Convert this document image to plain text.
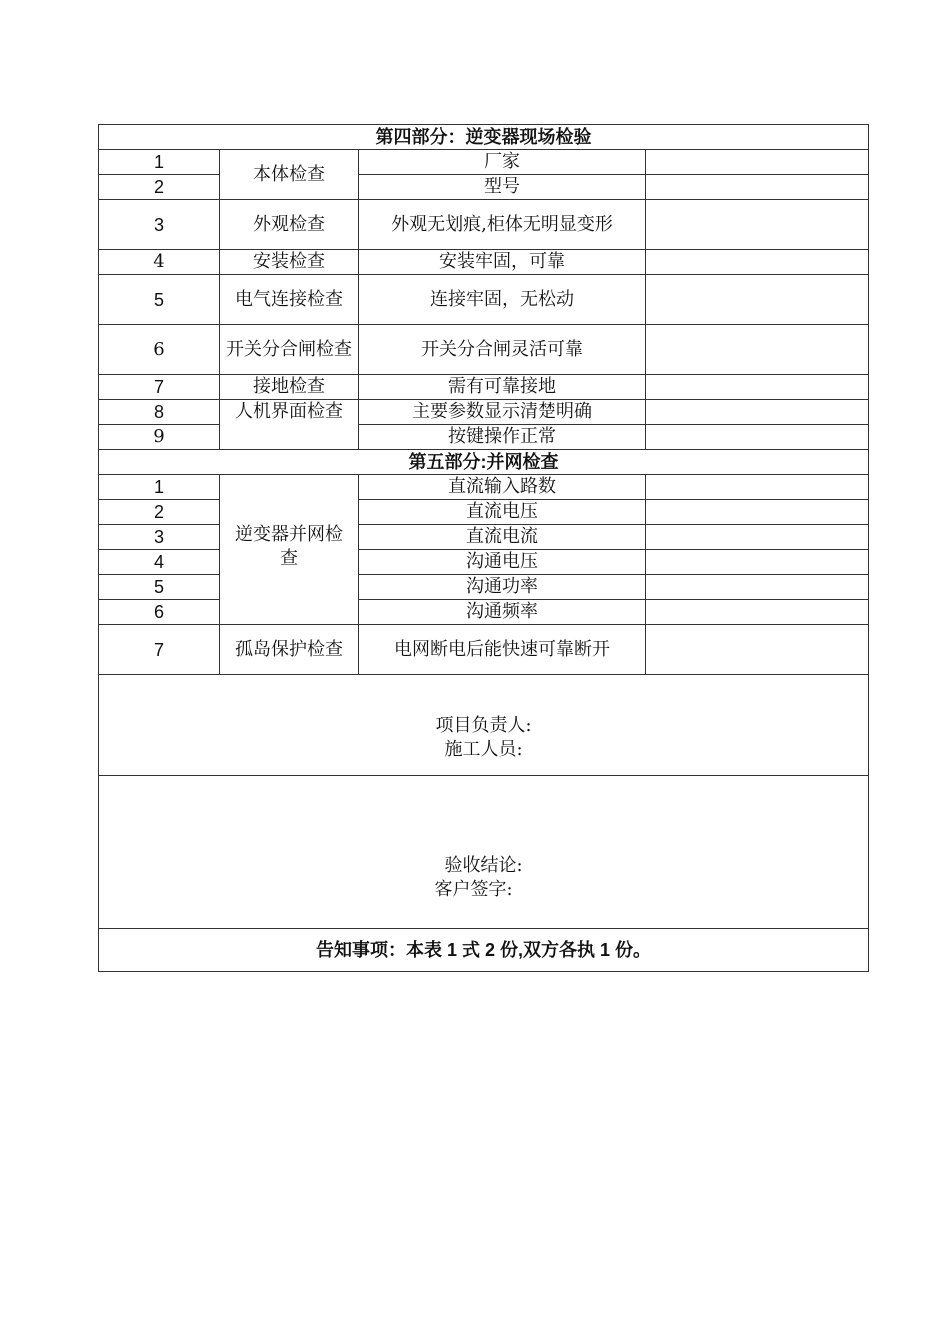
第四部分：逆变器现场检验			
1	本体检查	厂家	
2		型号	
3	外观检查	外观无划痕,柜体无明显变形	
4	安装检查	安装牢固，可靠	
5	电气连接检查	连接牢固，无松动	
6	开关分合闸检查	开关分合闸灵活可靠	
7	接地检查	需有可靠接地	
8	人机界面检查	主要参数显示清楚明确	
9		按键操作正常	
第五部分:并网检查			
1	逆变器并网检查	直流输入路数	
2		直流电压	
3		直流电流	
4		沟通电压	
5		沟通功率	
6		沟通频率	
7	孤岛保护检查	电网断电后能快速可靠断开	

项目负责人:
施工人员:			

验收结论:
客户签字:			

告知事项：本表 1 式 2 份,双方各执 1 份。			
